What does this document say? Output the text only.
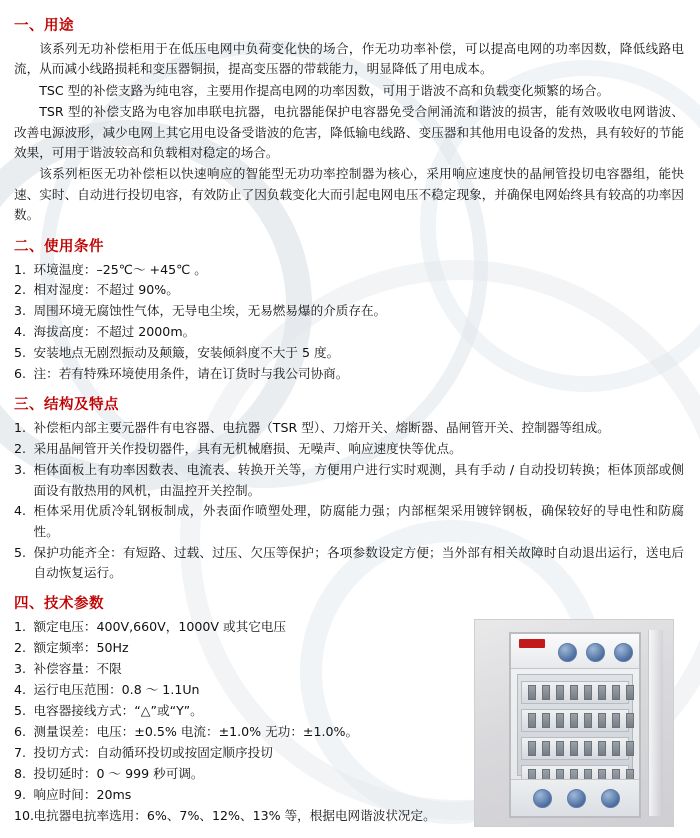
一、用途

该系列无功补偿柜用于在低压电网中负荷变化快的场合，作无功功率补偿，可以提高电网的功率因数，降低线路电流，从而减小线路损耗和变压器铜损，提高变压器的带载能力，明显降低了用电成本。

TSC 型的补偿支路为纯电容，主要用作提高电网的功率因数，可用于谐波不高和负载变化频繁的场合。

TSR 型的补偿支路为电容加串联电抗器，电抗器能保护电容器免受合闸涌流和谐波的损害，能有效吸收电网谐波、改善电源波形，减少电网上其它用电设备受谐波的危害，降低输电线路、变压器和其他用电设备的发热，具有较好的节能效果，可用于谐波较高和负载相对稳定的场合。

该系列柜医无功补偿柜以快速响应的智能型无功功率控制器为核心，采用响应速度快的晶闸管投切电容器组，能快速、实时、自动进行投切电容，有效防止了因负载变化大而引起电网电压不稳定现象，并确保电网始终具有较高的功率因数。

二、使用条件
1. 环境温度：–25℃～ +45℃ 。
2. 相对湿度：不超过 90%。
3. 周围环境无腐蚀性气体，无导电尘埃，无易燃易爆的介质存在。
4. 海拔高度：不超过 2000m。
5. 安装地点无剧烈振动及颠簸，安装倾斜度不大于 5 度。
6. 注：若有特殊环境使用条件，请在订货时与我公司协商。
三、结构及特点
1. 补偿柜内部主要元器件有电容器、电抗器（TSR 型）、刀熔开关、熔断器、晶闸管开关、控制器等组成。
2. 采用晶闸管开关作投切器件，具有无机械磨损、无噪声、响应速度快等优点。
3. 柜体面板上有功率因数表、电流表、转换开关等，方便用户进行实时观测，具有手动 / 自动投切转换；柜体顶部或侧面设有散热用的风机，由温控开关控制。
4. 柜体采用优质冷轧钢板制成，外表面作喷塑处理，防腐能力强；内部框架采用镀锌钢板，确保较好的导电性和防腐性。
5. 保护功能齐全：有短路、过载、过压、欠压等保护；各项参数设定方便；当外部有相关故障时自动退出运行，送电后自动恢复运行。
四、技术参数
1. 额定电压：400V,660V，1000V 或其它电压
2. 额定频率：50Hz
3. 补偿容量：不限
4. 运行电压范围：0.8 ～ 1.1Un
5. 电容器接线方式：“△”或“Y”。
6. 测量误差：电压：±0.5% 电流：±1.0% 无功：±1.0%。
7. 投切方式：自动循环投切或按固定顺序投切
8. 投切延时：0 ～ 999 秒可调。
9. 响应时间：20ms
10. 电抗器电抗率选用：6%、7%、12%、13% 等，根据电网谐波状况定。
